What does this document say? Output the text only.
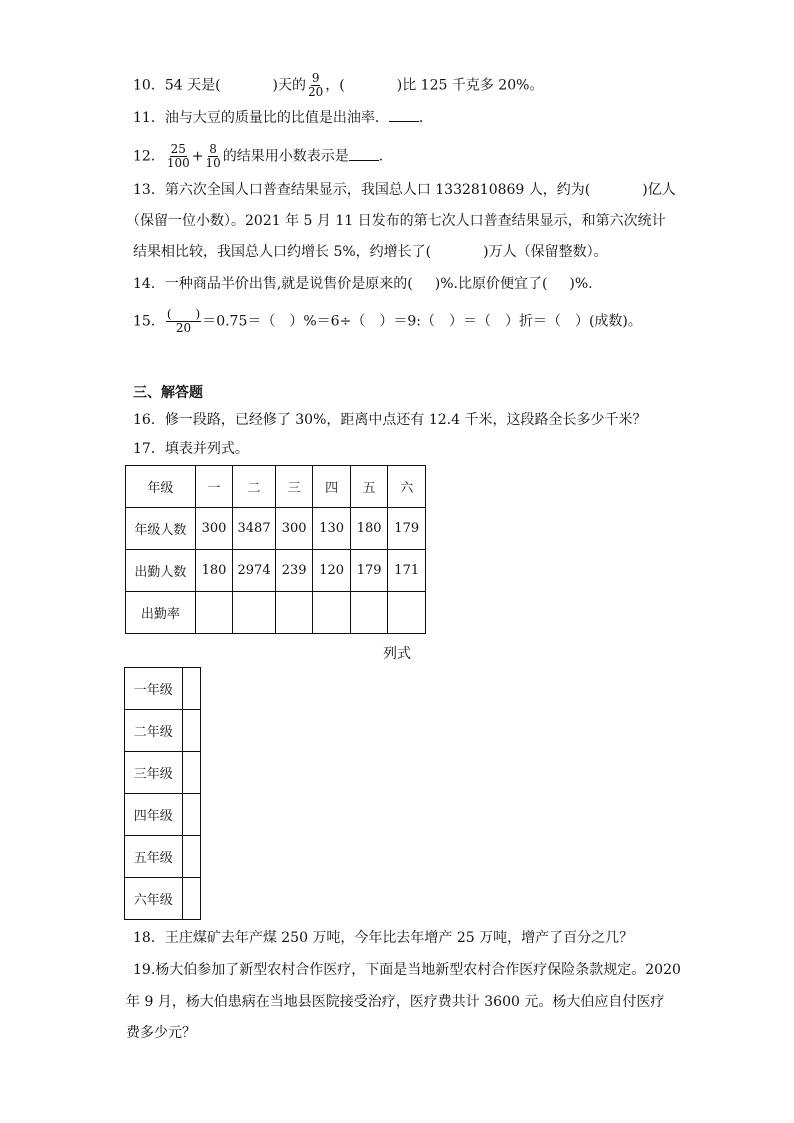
10．54 天是(	)天的 $\frac{9}{20}$ ，(	)比 125 千克多 20%。
11．油与大豆的质量比的比值是出油率． ．
12． $\frac{25}{100} + \frac{8}{10}$ 的结果用小数表示是 ．
13．第六次全国人口普查结果显示，我国总人口 1332810869 人，约为(	)亿人
（保留一位小数）。2021 年 5 月 11 日发布的第七次人口普查结果显示，和第六次统计
结果相比较，我国总人口约增长 5%，约增长了(	)万人（保留整数）。
14．一种商品半价出售,就是说售价是原来的( )%.比原价便宜了( )%.
15． $\frac{( )}{20} =0.75=$（　）%＝6÷（　）＝9:（　）＝（　）折＝（　）(成数)。
三、解答题
16．修一段路，已经修了 30%，距离中点还有 12.4 千米，这段路全长多少千米？
17．填表并列式。
年级	一	二	三	四	五	六
年级人数	300	3487	300	130	180	179
出勤人数	180	2974	239	120	179	171
出勤率						
列式
一年级	
二年级	
三年级	
四年级	
五年级	
六年级	
18．王庄煤矿去年产煤 250 万吨，今年比去年增产 25 万吨，增产了百分之几？
19.杨大伯参加了新型农村合作医疗，下面是当地新型农村合作医疗保险条款规定。2020
年 9 月，杨大伯患病在当地县医院接受治疗，医疗费共计 3600 元。杨大伯应自付医疗
费多少元？
